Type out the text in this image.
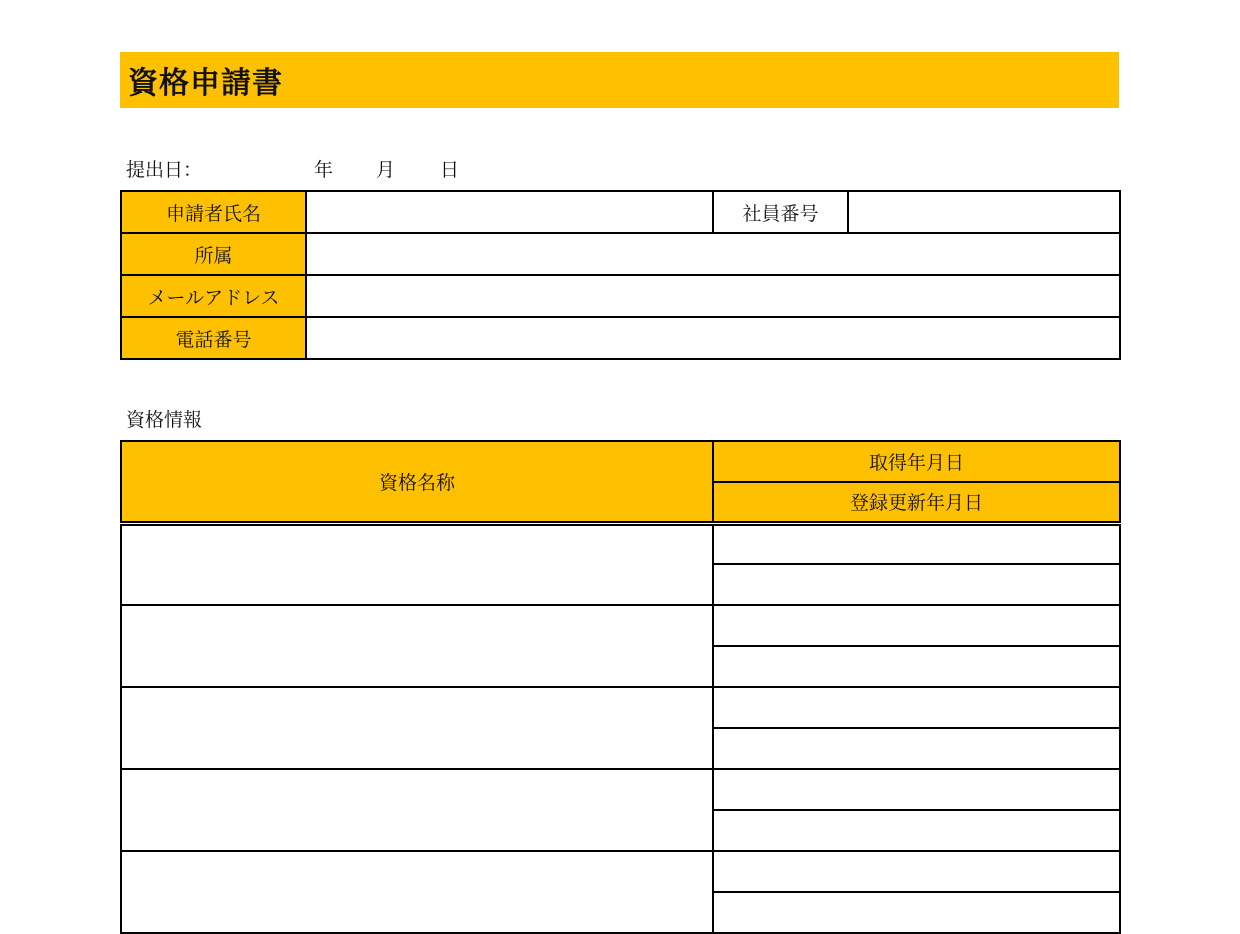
資格申請書
提出日：	年 月 日
申請者氏名		社員番号	
所属			
メールアドレス			
電話番号			
資格情報
資格名称	取得年月日
	登録更新年月日
